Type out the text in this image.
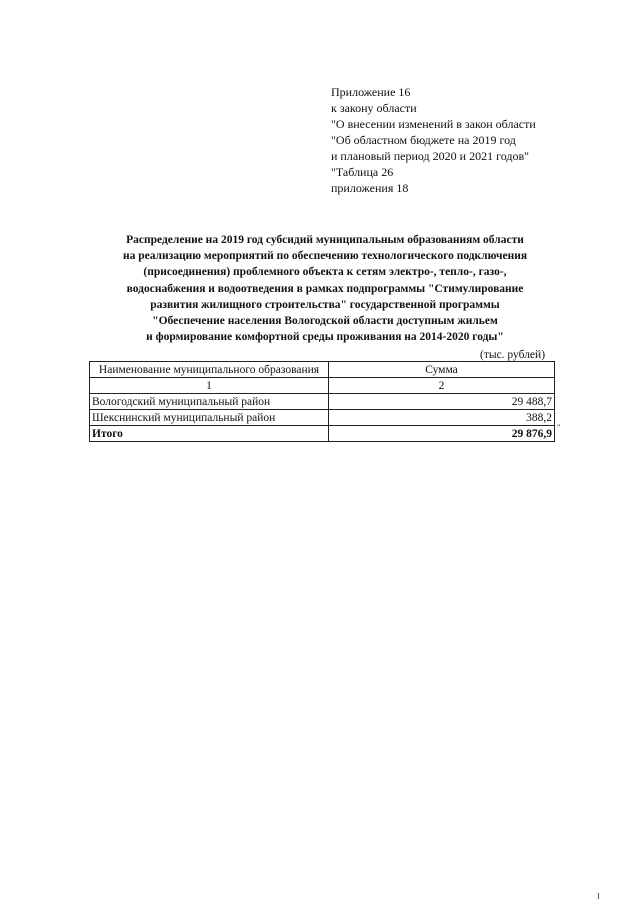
Приложение 16
к закону области
"О внесении изменений в закон области
"Об областном бюджете на 2019 год
и плановый период 2020 и 2021 годов"
"Таблица 26
приложения 18
Распределение на 2019 год субсидий муниципальным образованиям области
на реализацию мероприятий по обеспечению технологического подключения
(присоединения) проблемного объекта к сетям электро-, тепло-, газо-,
водоснабжения и водоотведения в рамках подпрограммы "Стимулирование
развития жилищного строительства" государственной программы
"Обеспечение населения Вологодской области доступным жильем
и формирование комфортной среды проживания на 2014-2020 годы"
(тыс. рублей)
Наименование муниципального образования	Сумма
1	2
Вологодский муниципальный район	29 488,7
Шекснинский муниципальный район	388,2
Итого	29 876,9 "
